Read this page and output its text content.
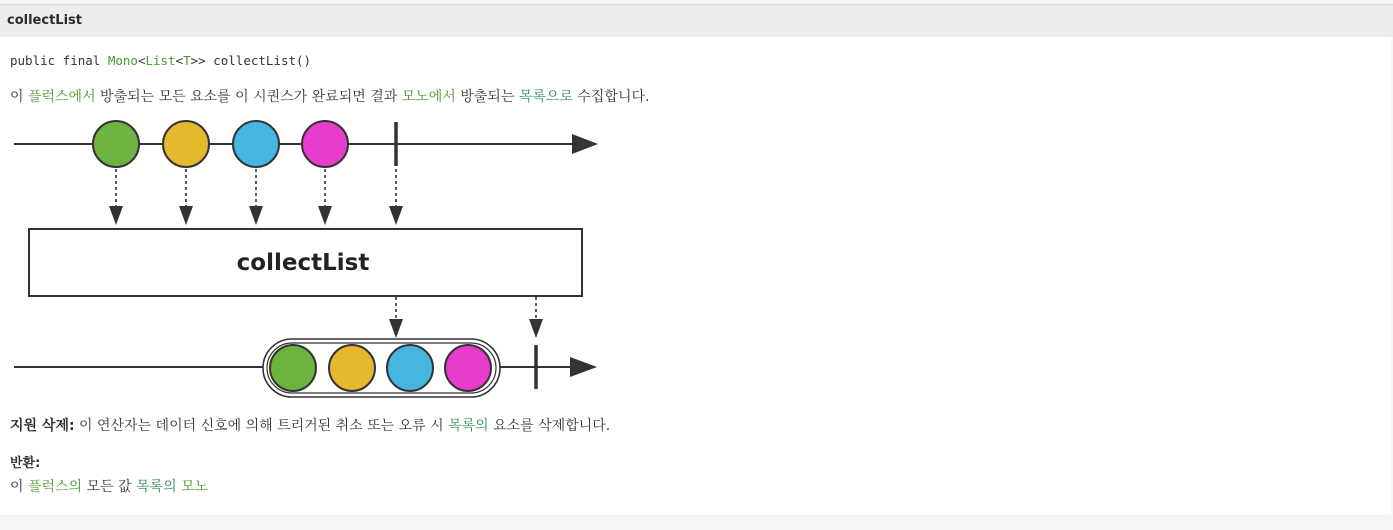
collectList
public final Mono<List<T>> collectList()
이 플럭스에서 방출되는 모든 요소를 이 시퀀스가 완료되면 결과 모노에서 방출되는 목록으로 수집합니다.
collectList
지원 삭제: 이 연산자는 데이터 신호에 의해 트리거된 취소 또는 오류 시 목록의 요소를 삭제합니다.
반환:
이 플럭스의 모든 값 목록의 모노
